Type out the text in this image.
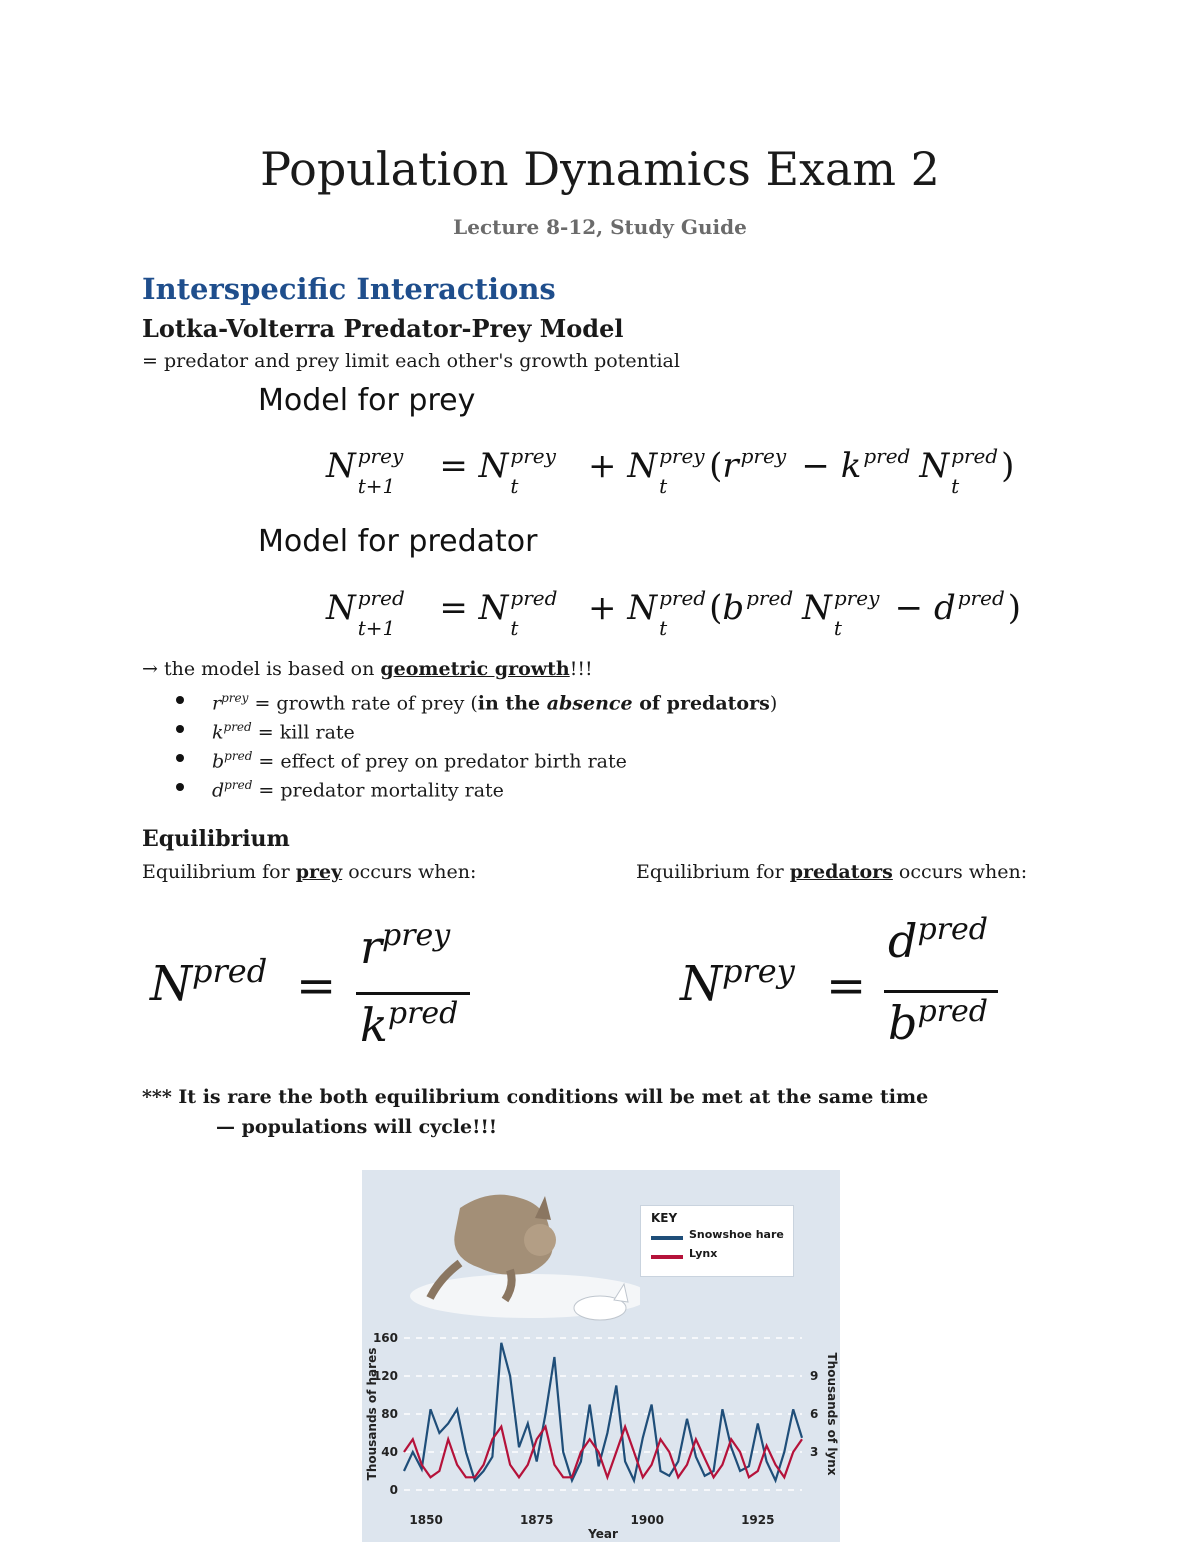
Population Dynamics Exam 2
Lecture 8-12, Study Guide
Interspecific Interactions
Lotka-Volterra Predator-Prey Model
= predator and prey limit each other's growth potential
Model for prey
N prey
t+1 = N prey
t + N prey
t (r prey − k pred N pred
t )
Model for predator
N pred
t+1 = N pred
t + N pred
t (b pred N prey
t − d pred )
→ the model is based on geometric growth!!!
$r^{prey}$ = growth rate of prey (in the absence of predators)
$k^{pred}$ = kill rate
$b^{pred}$ = effect of prey on predator birth rate
$d^{pred}$ = predator mortality rate
Equilibrium
Equilibrium for prey occurs when:	Equilibrium for predators occurs when:
$N^{pred}$ =
$r^{prey}$
$k^{pred}$
$N^{prey}$ =
$d^{pred}$
$b^{pred}$
*** It is rare the both equilibrium conditions will be met at the same time
— populations will cycle!!!
KEY
Snowshoe hare
Lynx
0
40
80
120
160
3
6
9
1850	1875	1900	1925
Year
Thousands of hares	Thousands of lynx
